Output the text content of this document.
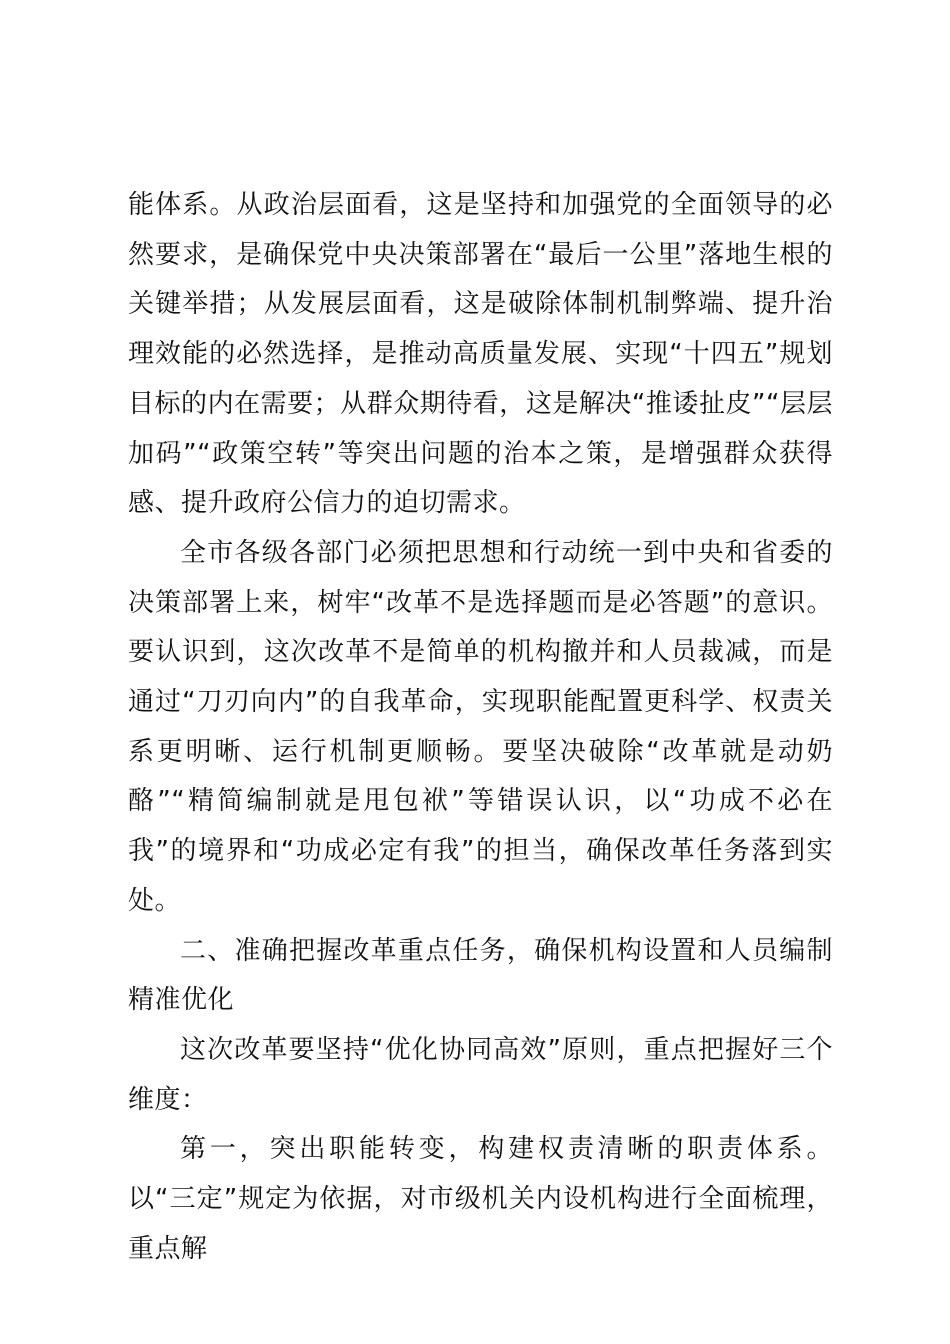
能体系。从政治层面看，这是坚持和加强党的全面领导的必然要求，是确保党中央决策部署在“最后一公里”落地生根的关键举措；从发展层面看，这是破除体制机制弊端、提升治理效能的必然选择，是推动高质量发展、实现“十四五”规划目标的内在需要；从群众期待看，这是解决“推诿扯皮”“层层加码”“政策空转”等突出问题的治本之策，是增强群众获得感、提升政府公信力的迫切需求。

全市各级各部门必须把思想和行动统一到中央和省委的决策部署上来，树牢“改革不是选择题而是必答题”的意识。要认识到，这次改革不是简单的机构撤并和人员裁减，而是通过“刀刃向内”的自我革命，实现职能配置更科学、权责关系更明晰、运行机制更顺畅。要坚决破除“改革就是动奶酪”“精简编制就是甩包袱”等错误认识，以“功成不必在我”的境界和“功成必定有我”的担当，确保改革任务落到实处。

二、准确把握改革重点任务，确保机构设置和人员编制精准优化

这次改革要坚持“优化协同高效”原则，重点把握好三个维度：

第一，突出职能转变，构建权责清晰的职责体系。 以“三定”规定为依据，对市级机关内设机构进行全面梳理，重点解
